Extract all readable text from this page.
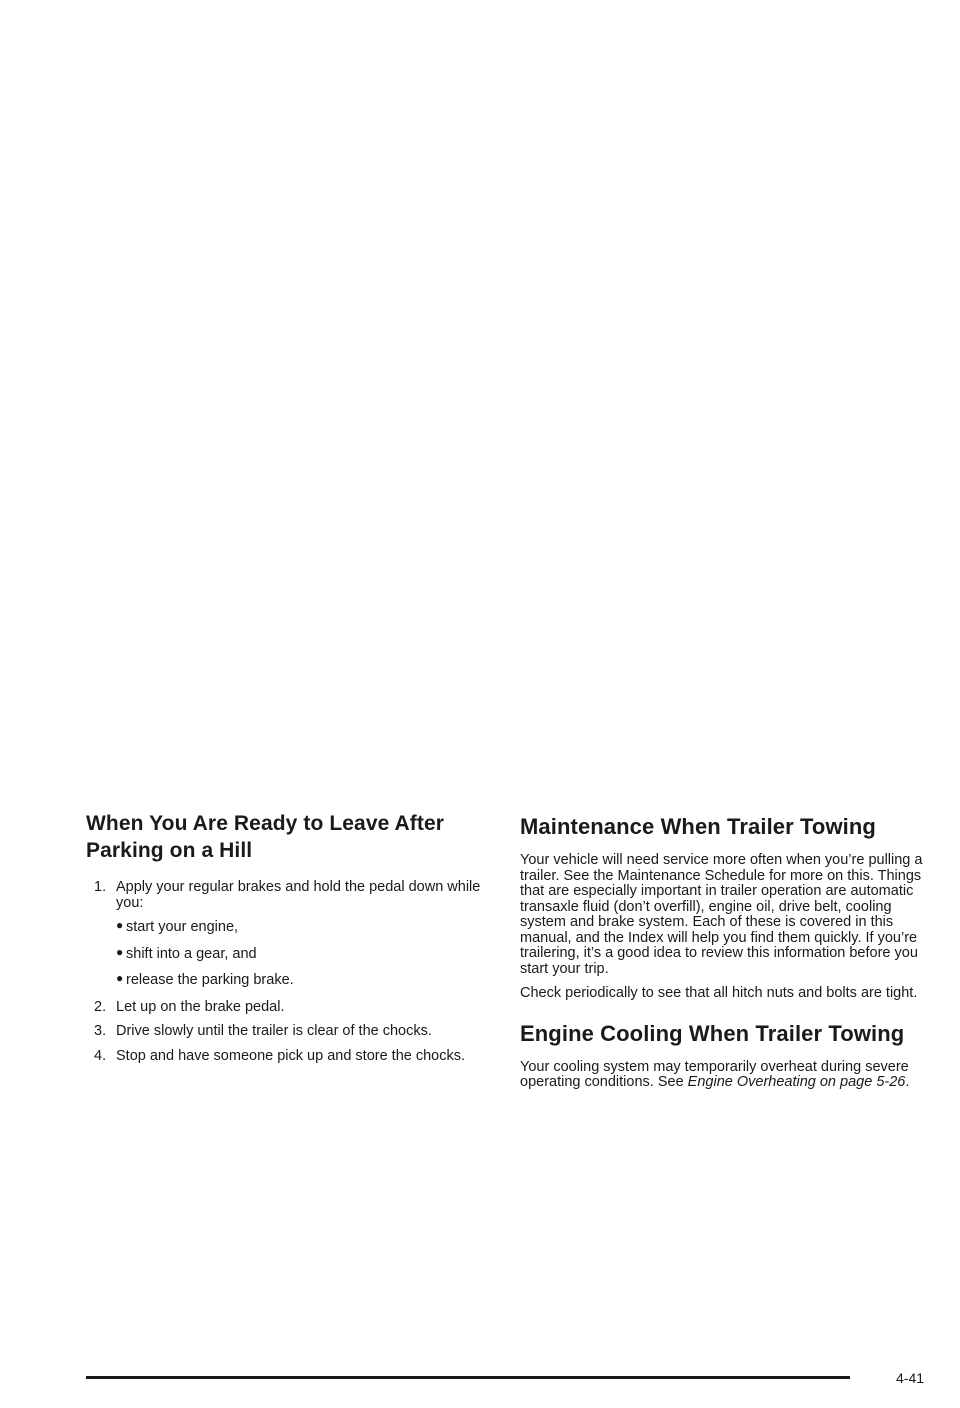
When You Are Ready to Leave After Parking on a Hill
1. Apply your regular brakes and hold the pedal down while you:
● start your engine,
● shift into a gear, and
● release the parking brake.
2. Let up on the brake pedal.
3. Drive slowly until the trailer is clear of the chocks.
4. Stop and have someone pick up and store the chocks.
Maintenance When Trailer Towing

Your vehicle will need service more often when you’re pulling a trailer. See the Maintenance Schedule for more on this. Things that are especially important in trailer operation are automatic transaxle fluid (don’t overfill), engine oil, drive belt, cooling system and brake system. Each of these is covered in this manual, and the Index will help you find them quickly. If you’re trailering, it’s a good idea to review this information before you start your trip.

Check periodically to see that all hitch nuts and bolts are tight.

Engine Cooling When Trailer Towing

Your cooling system may temporarily overheat during severe operating conditions. See Engine Overheating on page 5-26.

4-41
